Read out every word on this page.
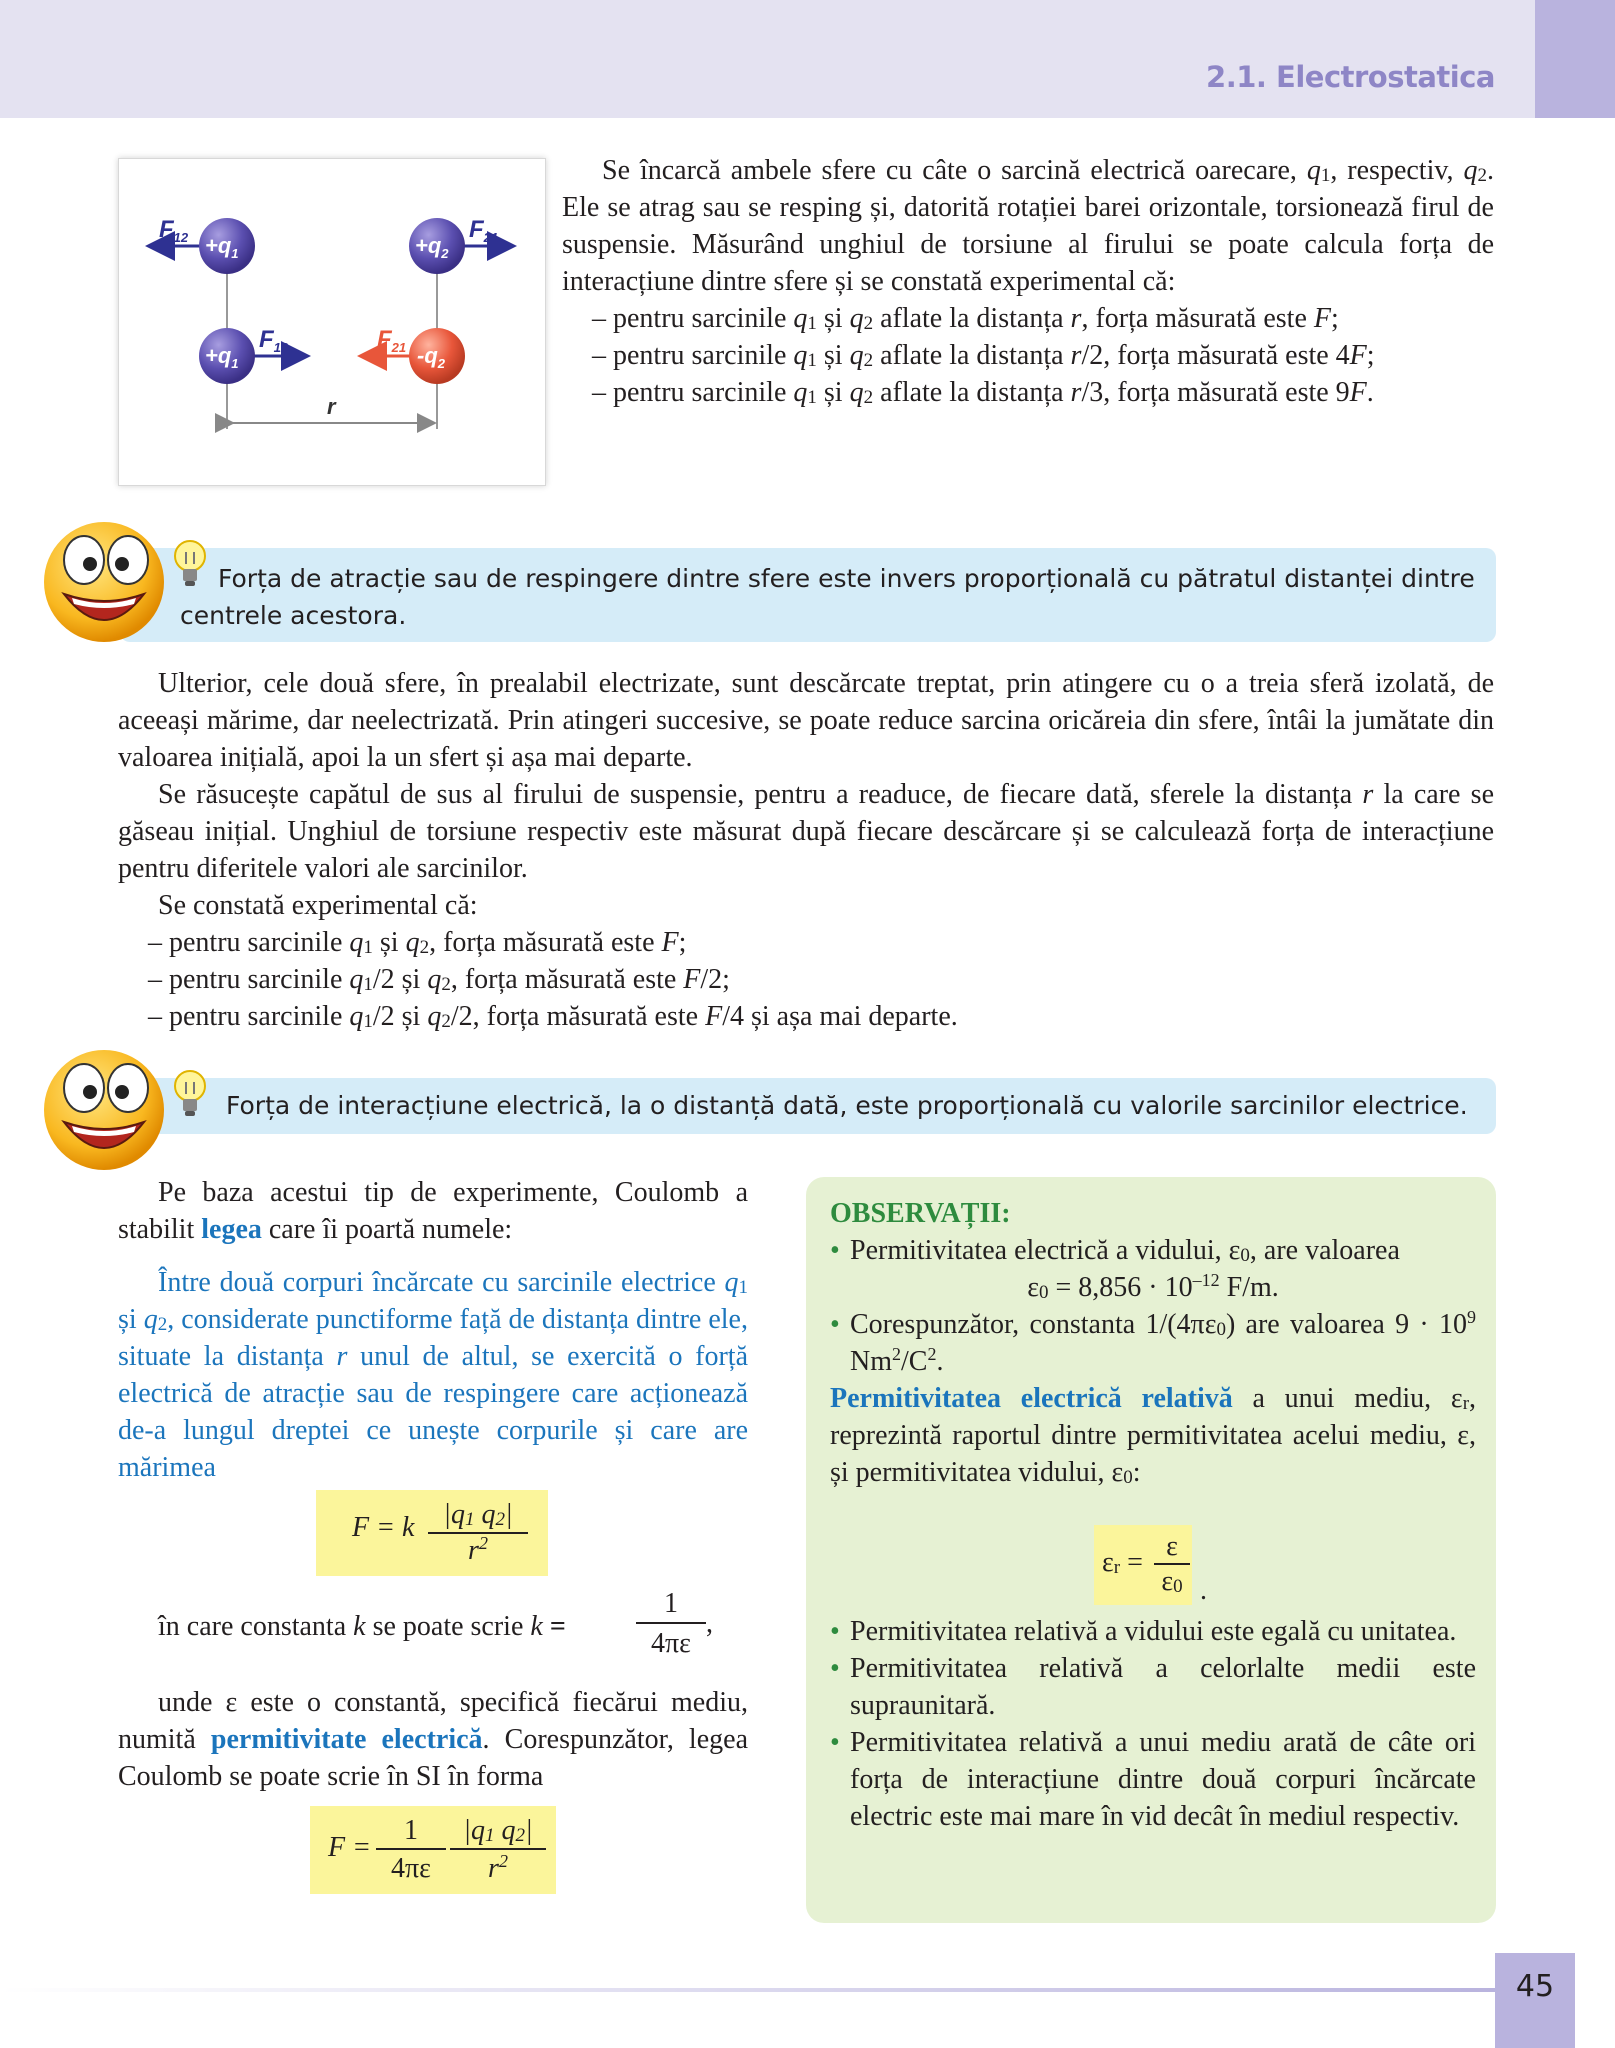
2.1. Electrostatica
$+q_1$	$+q_2$
$+q_1$	$-q_2$
$F_{12}$	$F_{21}$
$F_{12}$	$F_{21}$
r

Se încarcă ambele sfere cu câte o sarcină electrică oarecare, $q_1$, respectiv, $q_2$. Ele se atrag sau se resping și, datorită rotației barei orizontale, torsionează firul de suspensie. Măsurând unghiul de torsiune al firului se poate calcula forța de interacțiune dintre sfere și se constată experimental că:

– pentru sarcinile $q_1$ și $q_2$ aflate la distanța r, forța măsurată este F;

– pentru sarcinile $q_1$ și $q_2$ aflate la distanța r/2, forța măsurată este 4F;

– pentru sarcinile $q_1$ și $q_2$ aflate la distanța r/3, forța măsurată este 9F.

Forța de atracție sau de respingere dintre sfere este invers proporțională cu pătratul distanței dintre centrele acestora.

Ulterior, cele două sfere, în prealabil electrizate, sunt descărcate treptat, prin atingere cu o a treia sferă izolată, de aceeași mărime, dar neelectrizată. Prin atingeri succesive, se poate reduce sarcina oricăreia din sfere, întâi la jumătate din valoarea inițială, apoi la un sfert și așa mai departe.

Se răsucește capătul de sus al firului de suspensie, pentru a readuce, de fiecare dată, sferele la distanța r la care se găseau inițial. Unghiul de torsiune respectiv este măsurat după fiecare descărcare și se calculează forța de interacțiune pentru diferitele valori ale sarcinilor.

Se constată experimental că:

– pentru sarcinile $q_1$ și $q_2$, forța măsurată este F;

– pentru sarcinile $q_1/2$ și $q_2$, forța măsurată este F/2;

– pentru sarcinile $q_1/2$ și $q_2/2$, forța măsurată este F/4 și așa mai departe.

Forța de interacțiune electrică, la o distanță dată, este proporțională cu valorile sarcinilor electrice.

Pe baza acestui tip de experimente, Coulomb a stabilit legea care îi poartă numele:

Între două corpuri încărcate cu sarcinile electrice $q_1$ și $q_2$, considerate punctiforme față de distanța dintre ele, situate la distanța r unul de altul, se exercită o forță electrică de atracție sau de respingere care acționează de-a lungul dreptei ce unește corpurile și care are mărimea

F = k $\frac{|q_1 q_2|}{r^2}$
în care constanta k se poate scrie k =	$\frac{1}{4\pi\varepsilon}$ ,

unde ε este o constantă, specifică fiecărui mediu, numită permitivitate electrică. Corespunzător, legea Coulomb se poate scrie în SI în forma

$F = \frac{1}{4\pi\varepsilon} \frac{|q_1 q_2|}{r^2}$

OBSERVAȚII:

• Permitivitatea electrică a vidului, $\varepsilon_0$, are valoarea

$\varepsilon_0 = 8,856 \cdot 10^{-12}$ F/m.

• Corespunzător, constanta $1/(4\pi\varepsilon_0)$ are valoarea $9 \cdot 10^9$ $Nm^2/C^2$.

Permitivitatea electrică relativă a unui mediu, $\varepsilon_r$, reprezintă raportul dintre permitivitatea acelui mediu, ε, și permitivitatea vidului, $\varepsilon_0$:

$\varepsilon_r = \frac{\varepsilon}{\varepsilon_0}$ .

• Permitivitatea relativă a vidului este egală cu unitatea.

• Permitivitatea relativă a celorlalte medii este supraunitară.

• Permitivitatea relativă a unui mediu arată de câte ori forța de interacțiune dintre două corpuri încărcate electric este mai mare în vid decât în mediul respectiv.

45
